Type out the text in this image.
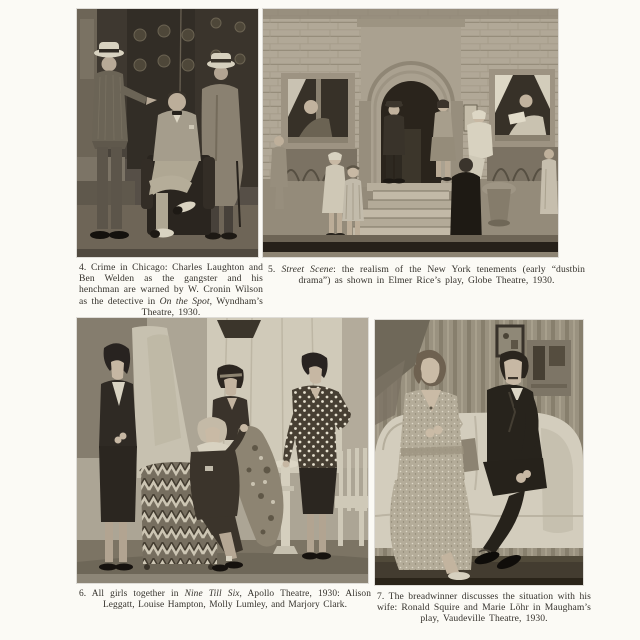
4. Crime in Chicago: Charles Laughton and Ben Welden as the gangster and his henchman are warned by W. Cronin Wilson as the detective in On the Spot, Wyndham’s Theatre, 1930.
5. Street Scene: the realism of the New York tenements (early “dustbin drama”) as shown in Elmer Rice’s play, Globe Theatre, 1930.
6. All girls together in Nine Till Six, Apollo Theatre, 1930: Alison Leggatt, Louise Hampton, Molly Lumley, and Marjory Clark.
7. The breadwinner discusses the situation with his wife: Ronald Squire and Marie Löhr in Maugham’s play, Vaudeville Theatre, 1930.
